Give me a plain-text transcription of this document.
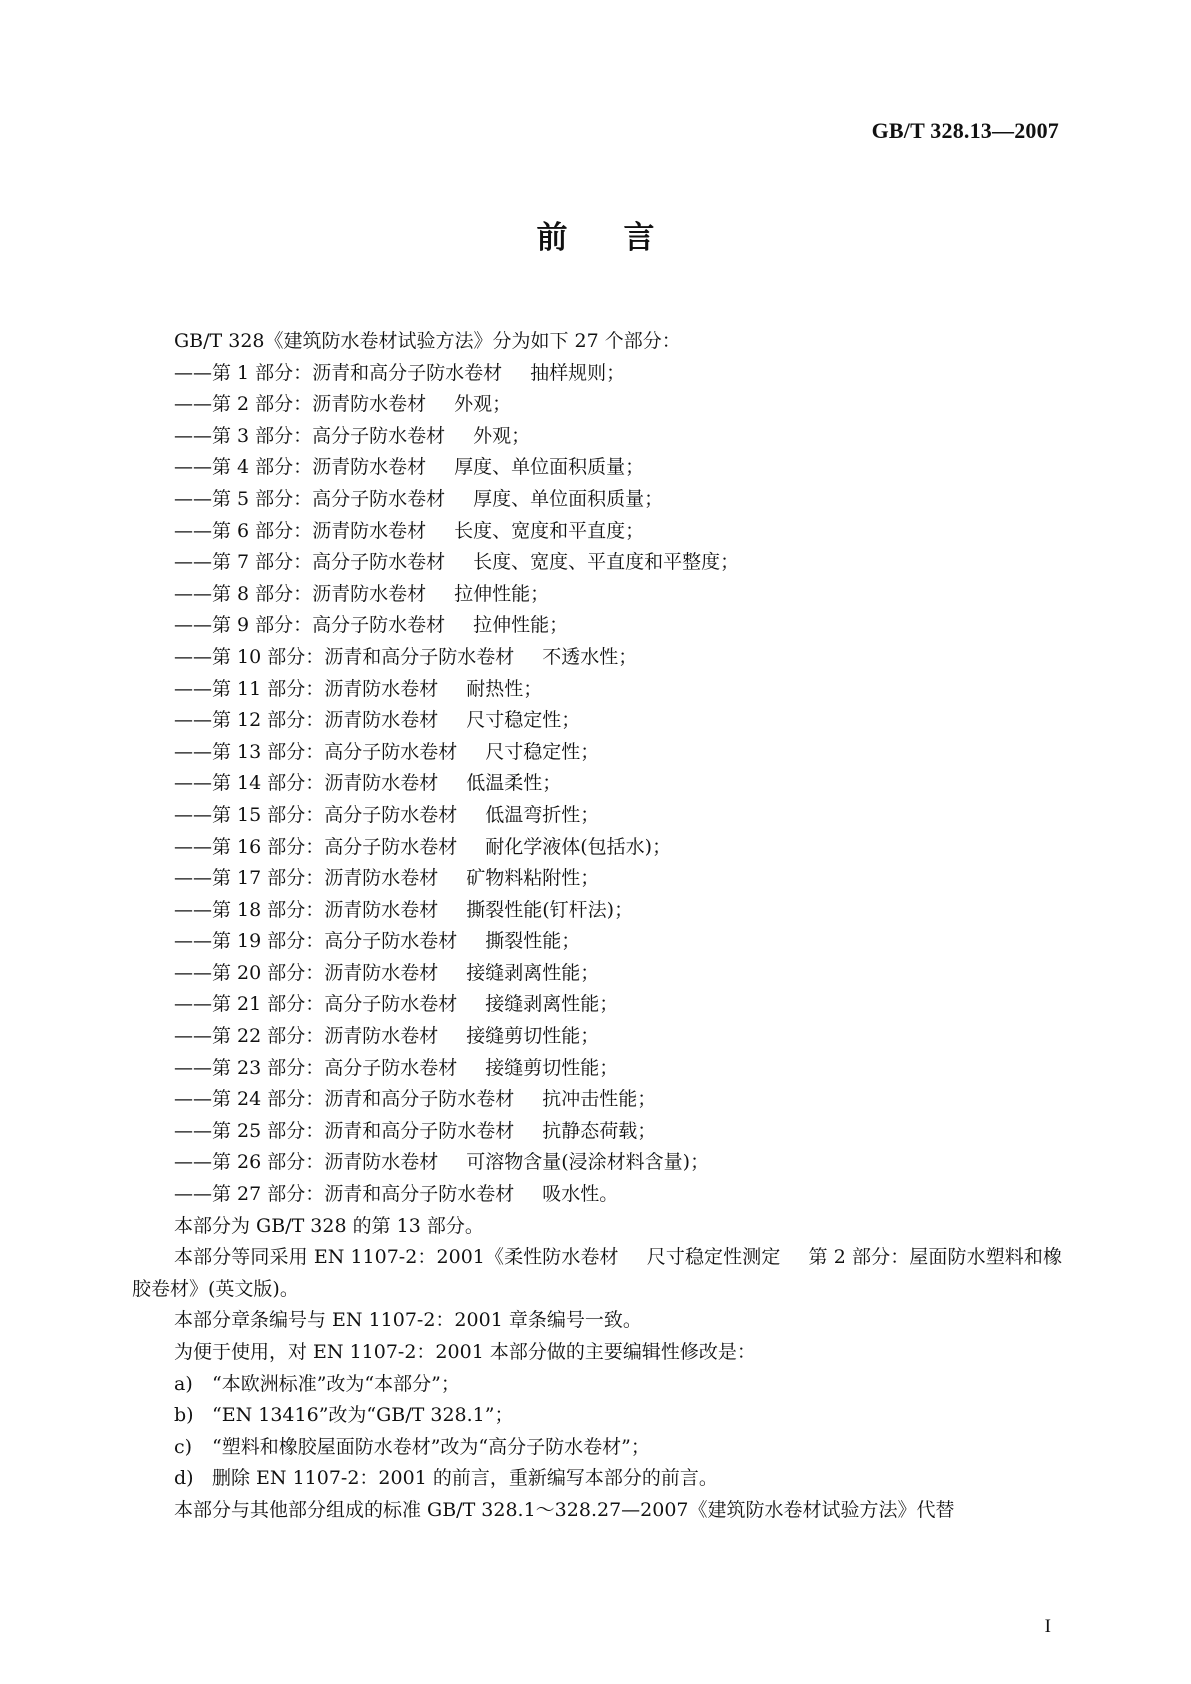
GB/T 328.13—2007
前言

GB/T 328《建筑防水卷材试验方法》分为如下 27 个部分：

——第 1 部分：沥青和高分子防水卷材 抽样规则；

——第 2 部分：沥青防水卷材 外观；

——第 3 部分：高分子防水卷材 外观；

——第 4 部分：沥青防水卷材 厚度、单位面积质量；

——第 5 部分：高分子防水卷材 厚度、单位面积质量；

——第 6 部分：沥青防水卷材 长度、宽度和平直度；

——第 7 部分：高分子防水卷材 长度、宽度、平直度和平整度；

——第 8 部分：沥青防水卷材 拉伸性能；

——第 9 部分：高分子防水卷材 拉伸性能；

——第 10 部分：沥青和高分子防水卷材 不透水性；

——第 11 部分：沥青防水卷材 耐热性；

——第 12 部分：沥青防水卷材 尺寸稳定性；

——第 13 部分：高分子防水卷材 尺寸稳定性；

——第 14 部分：沥青防水卷材 低温柔性；

——第 15 部分：高分子防水卷材 低温弯折性；

——第 16 部分：高分子防水卷材 耐化学液体(包括水)；

——第 17 部分：沥青防水卷材 矿物料粘附性；

——第 18 部分：沥青防水卷材 撕裂性能(钉杆法)；

——第 19 部分：高分子防水卷材 撕裂性能；

——第 20 部分：沥青防水卷材 接缝剥离性能；

——第 21 部分：高分子防水卷材 接缝剥离性能；

——第 22 部分：沥青防水卷材 接缝剪切性能；

——第 23 部分：高分子防水卷材 接缝剪切性能；

——第 24 部分：沥青和高分子防水卷材 抗冲击性能；

——第 25 部分：沥青和高分子防水卷材 抗静态荷载；

——第 26 部分：沥青防水卷材 可溶物含量(浸涂材料含量)；

——第 27 部分：沥青和高分子防水卷材 吸水性。

本部分为 GB/T 328 的第 13 部分。

本部分等同采用 EN 1107-2：2001《柔性防水卷材 尺寸稳定性测定 第 2 部分：屋面防水塑料和橡胶卷材》(英文版)。

本部分章条编号与 EN 1107-2：2001 章条编号一致。

为便于使用，对 EN 1107-2：2001 本部分做的主要编辑性修改是：

a) “本欧洲标准”改为“本部分”；

b) “EN 13416”改为“GB/T 328.1”；

c) “塑料和橡胶屋面防水卷材”改为“高分子防水卷材”；

d) 删除 EN 1107-2：2001 的前言，重新编写本部分的前言。

本部分与其他部分组成的标准 GB/T 328.1～328.27—2007《建筑防水卷材试验方法》代替

I
